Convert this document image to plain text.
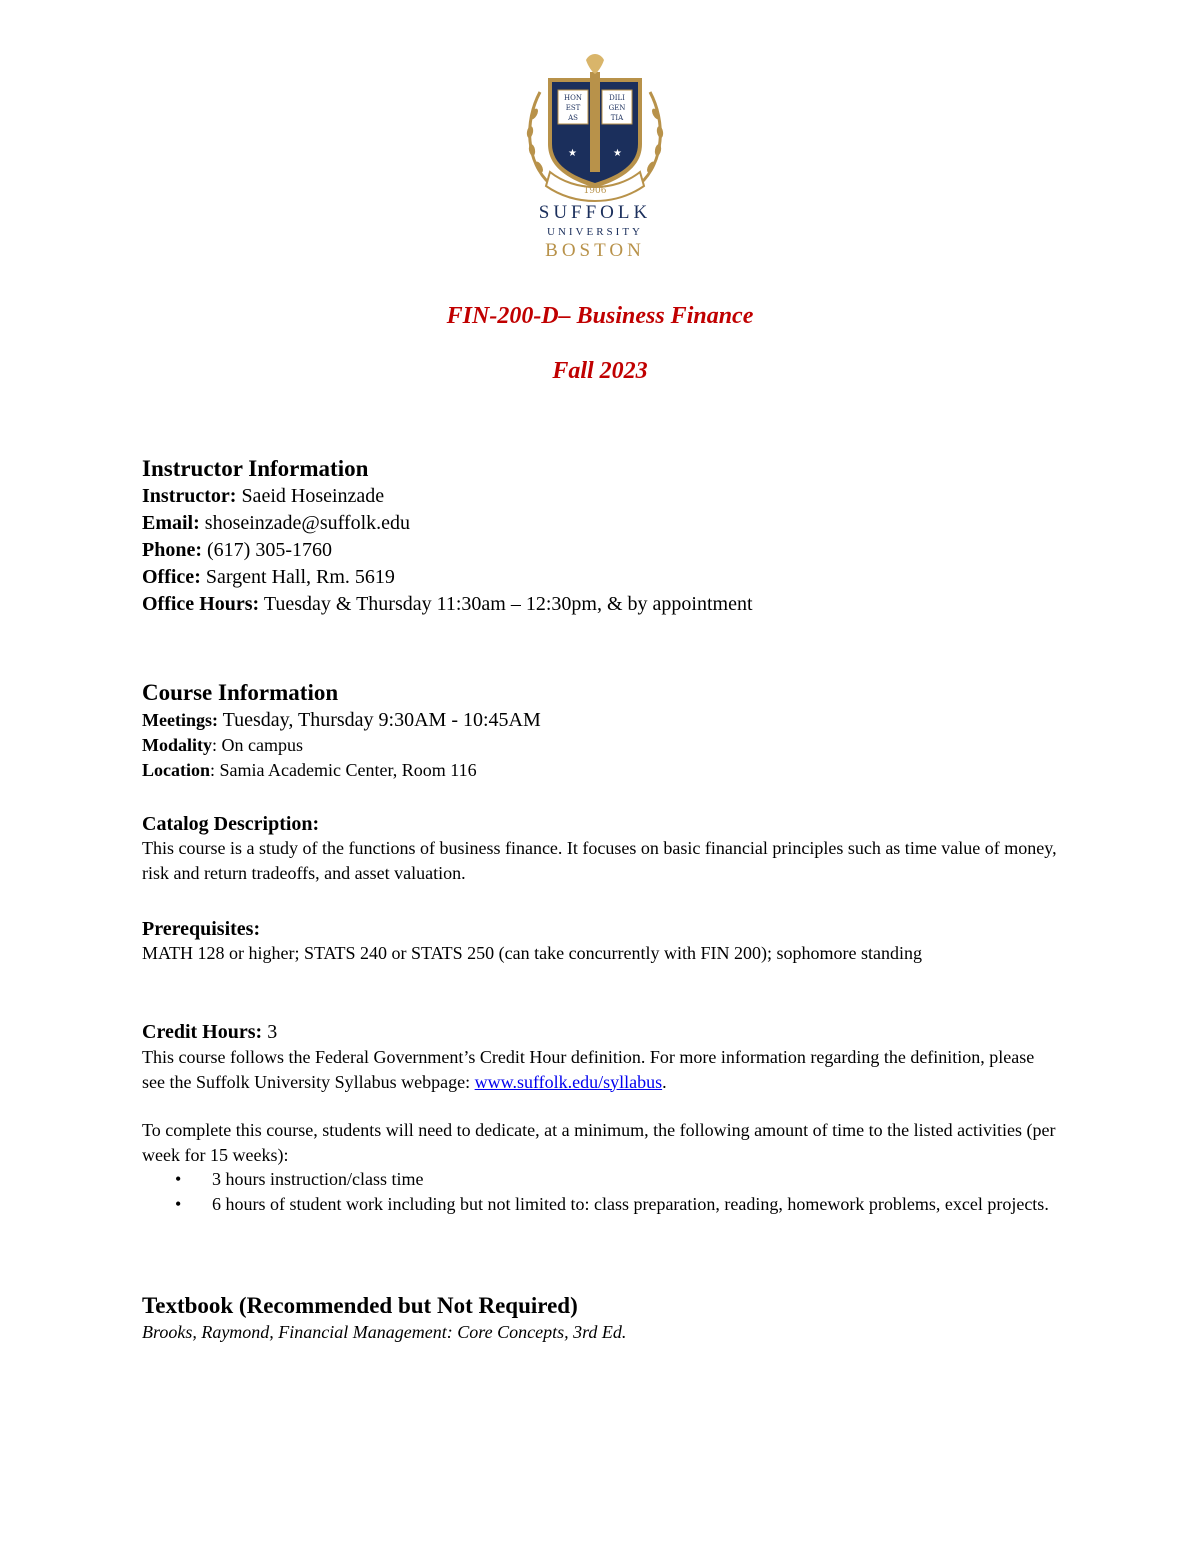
★	★
HON
EST
AS
DILI
GEN
TIA
1906
SUFFOLK
UNIVERSITY
BOSTON
FIN-200-D– Business Finance
Fall 2023
Instructor Information
Instructor: Saeid Hoseinzade
Email: shoseinzade@suffolk.edu
Phone: (617) 305-1760
Office: Sargent Hall, Rm. 5619
Office Hours: Tuesday & Thursday 11:30am – 12:30pm, & by appointment
Course Information
Meetings: Tuesday, Thursday 9:30AM - 10:45AM
Modality: On campus
Location: Samia Academic Center, Room 116
Catalog Description:
This course is a study of the functions of business finance. It focuses on basic financial principles such as time value of money, risk and return tradeoffs, and asset valuation.
Prerequisites:
MATH 128 or higher; STATS 240 or STATS 250 (can take concurrently with FIN 200); sophomore standing
Credit Hours: 3
This course follows the Federal Government’s Credit Hour definition. For more information regarding the definition, please see the Suffolk University Syllabus webpage: www.suffolk.edu/syllabus.
To complete this course, students will need to dedicate, at a minimum, the following amount of time to the listed activities (per week for 15 weeks):
• 3 hours instruction/class time
• 6 hours of student work including but not limited to: class preparation, reading, homework problems, excel projects.
Textbook (Recommended but Not Required)
Brooks, Raymond, Financial Management: Core Concepts, 3rd Ed.
